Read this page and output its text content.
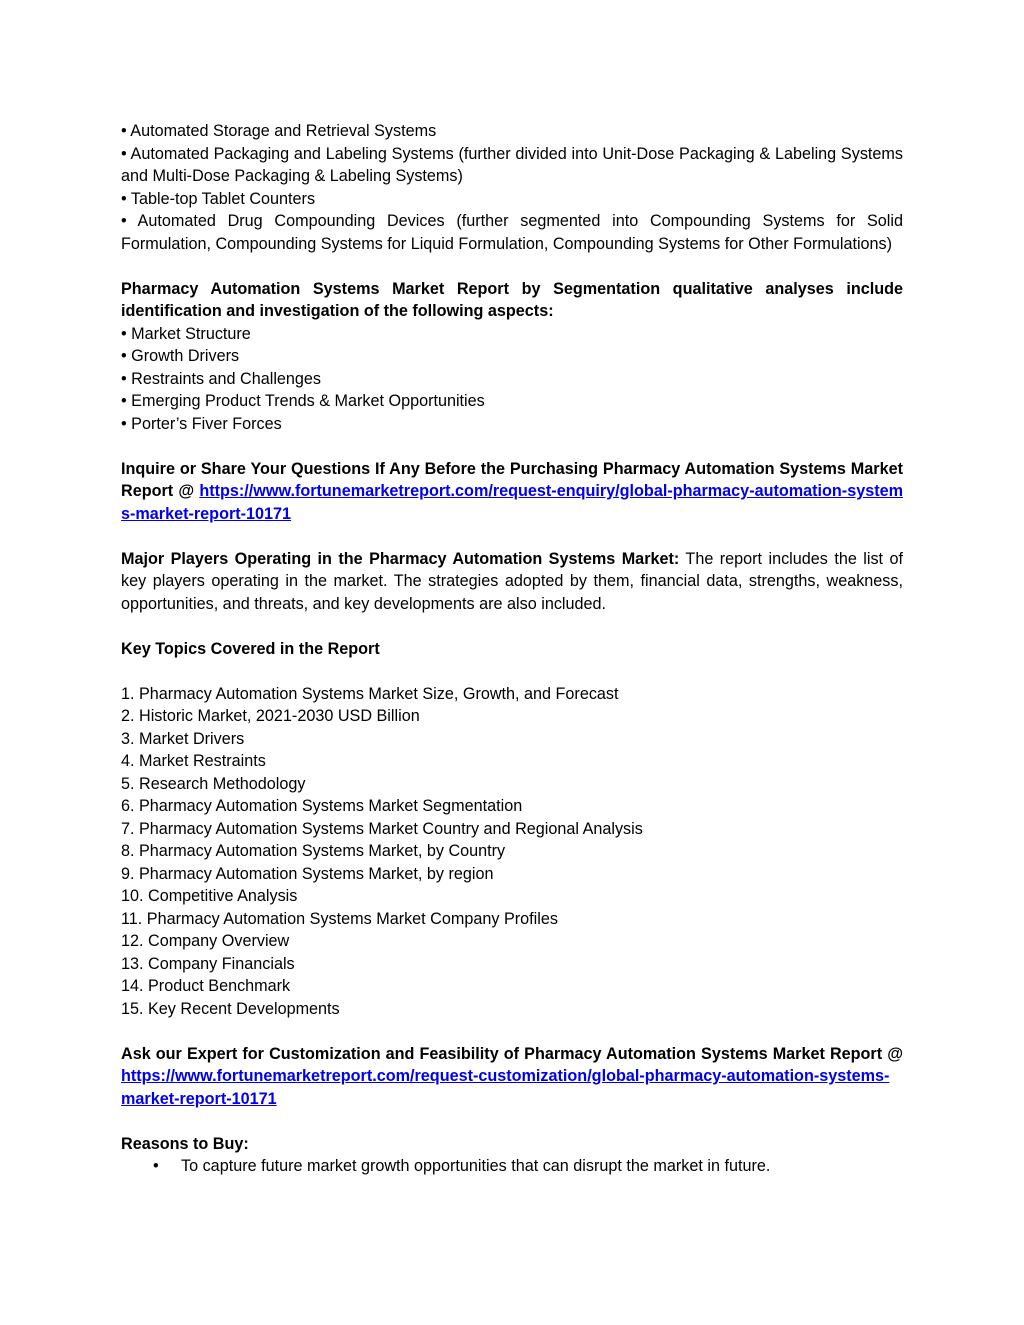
• Automated Storage and Retrieval Systems
• Automated Packaging and Labeling Systems (further divided into Unit-Dose Packaging & Labeling Systems and Multi-Dose Packaging & Labeling Systems)
• Table-top Tablet Counters
• Automated Drug Compounding Devices (further segmented into Compounding Systems for Solid Formulation, Compounding Systems for Liquid Formulation, Compounding Systems for Other Formulations)
Pharmacy Automation Systems Market Report by Segmentation qualitative analyses include identification and investigation of the following aspects:
• Market Structure
• Growth Drivers
• Restraints and Challenges
• Emerging Product Trends & Market Opportunities
• Porter’s Fiver Forces
Inquire or Share Your Questions If Any Before the Purchasing Pharmacy Automation Systems Market Report @ https://www.fortunemarketreport.com/request-enquiry/global-pharmacy-automation-systems-market-report-10171
Major Players Operating in the Pharmacy Automation Systems Market: The report includes the list of key players operating in the market. The strategies adopted by them, financial data, strengths, weakness, opportunities, and threats, and key developments are also included.
Key Topics Covered in the Report
1. Pharmacy Automation Systems Market Size, Growth, and Forecast
2. Historic Market, 2021-2030 USD Billion
3. Market Drivers
4. Market Restraints
5. Research Methodology
6. Pharmacy Automation Systems Market Segmentation
7. Pharmacy Automation Systems Market Country and Regional Analysis
8. Pharmacy Automation Systems Market, by Country
9. Pharmacy Automation Systems Market, by region
10. Competitive Analysis
11. Pharmacy Automation Systems Market Company Profiles
12. Company Overview
13. Company Financials
14. Product Benchmark
15. Key Recent Developments
Ask our Expert for Customization and Feasibility of Pharmacy Automation Systems Market Report @ https://www.fortunemarketreport.com/request-customization/global-pharmacy-automation-systems-market-report-10171
Reasons to Buy:
• To capture future market growth opportunities that can disrupt the market in future.
